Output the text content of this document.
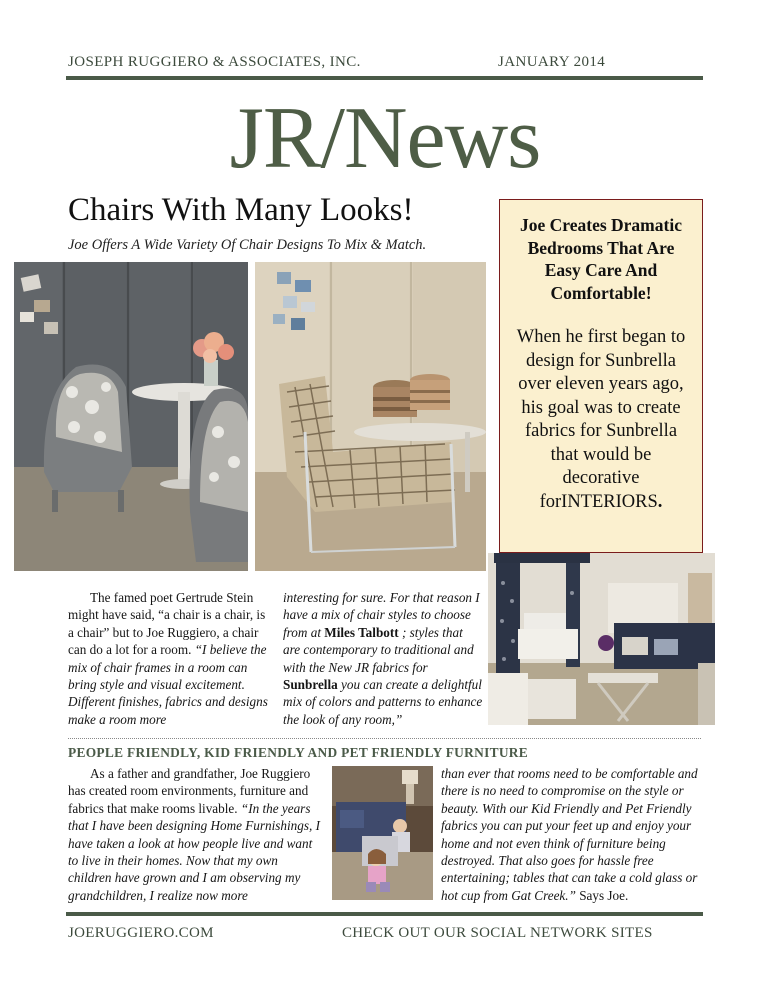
JOSEPH RUGGIERO & ASSOCIATES, INC.	JANUARY 2014
JR/News
Chairs With Many Looks!
Joe Offers A Wide Variety Of Chair Designs To Mix & Match.
Joe Creates Dramatic Bedrooms That Are Easy Care And Comfortable!
When he first began to design for Sunbrella over eleven years ago, his goal was to create fabrics for Sunbrella that would be decorative forINTERIORS.
The famed poet Gertrude Stein might have said, “a chair is a chair, is a chair” but to Joe Ruggiero, a chair can do a lot for a room. “I believe the mix of chair frames in a room can bring style and visual excitement. Different finishes, fabrics and designs make a room more
interesting for sure. For that reason I have a mix of chair styles to choose from at Miles Talbott ; styles that are contemporary to traditional and with the New JR fabrics for Sunbrella you can create a delightful mix of colors and patterns to enhance the look of any room,”
PEOPLE FRIENDLY, KID FRIENDLY AND PET FRIENDLY FURNITURE
As a father and grandfather, Joe Ruggiero has created room environments, furniture and fabrics that make rooms livable. “In the years that I have been designing Home Furnishings, I have taken a look at how people live and want to live in their homes. Now that my own children have grown and I am observing my grandchildren, I realize now more
than ever that rooms need to be comfortable and there is no need to compromise on the style or beauty. With our Kid Friendly and Pet Friendly fabrics you can put your feet up and enjoy your home and not even think of furniture being destroyed. That also goes for hassle free entertaining; tables that can take a cold glass or hot cup from Gat Creek.” Says Joe.
JOERUGGIERO.COM	CHECK OUT OUR SOCIAL NETWORK SITES
